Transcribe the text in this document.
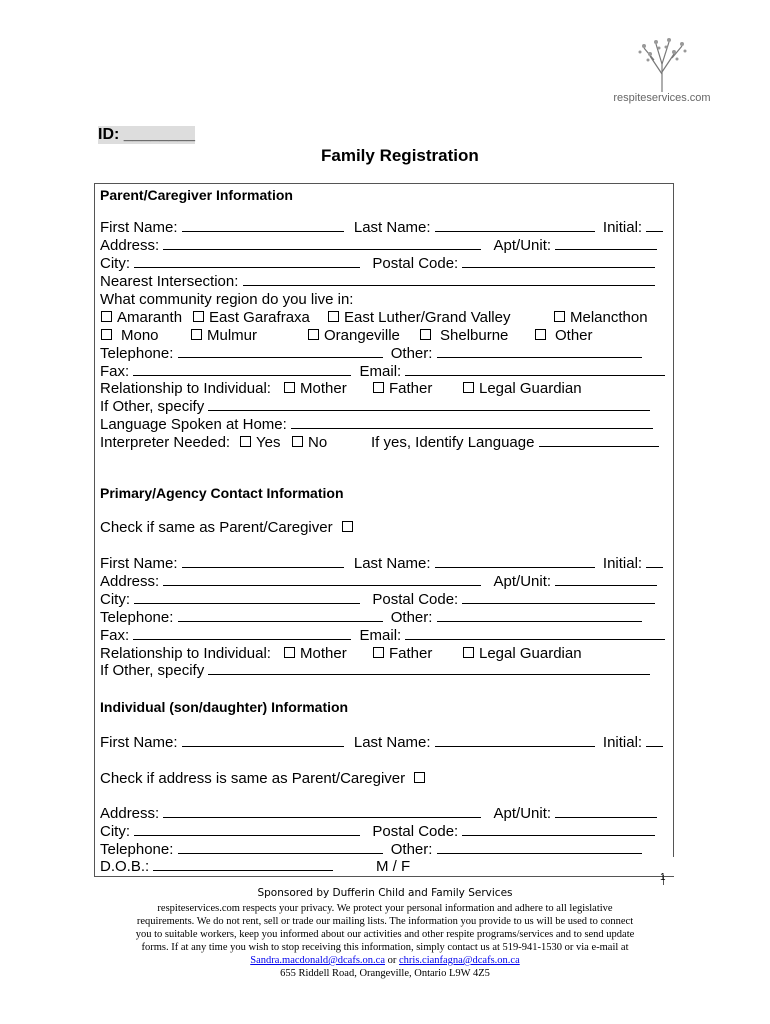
respiteservices.com
ID: ________
Family Registration
Parent/Caregiver Information
First Name:	Last Name:	Initial:
Address:	Apt/Unit:
City:	Postal Code:
Nearest Intersection:
What community region do you live in:
Amaranth	East Garafraxa	East Luther/Grand Valley	Melancthon
Mono	Mulmur	Orangeville	Shelburne	Other
Telephone:	Other:
Fax:	Email:
Relationship to Individual:	Mother	Father	Legal Guardian
If Other, specify
Language Spoken at Home:
Interpreter Needed:	Yes	No	If yes, Identify Language
Primary/Agency Contact Information
Check if same as Parent/Caregiver
First Name:	Last Name:	Initial:
Address:	Apt/Unit:
City:	Postal Code:
Telephone:	Other:
Fax:	Email:
Relationship to Individual:	Mother	Father	Legal Guardian
If Other, specify
Individual (son/daughter) Information
First Name:	Last Name:	Initial:
Check if address is same as Parent/Caregiver
Address:	Apt/Unit:
City:	Postal Code:
Telephone:	Other:
D.O.B.:	M / F
1
Sponsored by Dufferin Child and Family Services
respiteservices.com respects your privacy. We protect your personal information and adhere to all legislative
requirements. We do not rent, sell or trade our mailing lists. The information you provide to us will be used to connect
you to suitable workers, keep you informed about our activities and other respite programs/services and to send update
forms. If at any time you wish to stop receiving this information, simply contact us at 519-941-1530 or via e-mail at
Sandra.macdonald@dcafs.on.ca or chris.cianfagna@dcafs.on.ca
655 Riddell Road, Orangeville, Ontario L9W 4Z5
